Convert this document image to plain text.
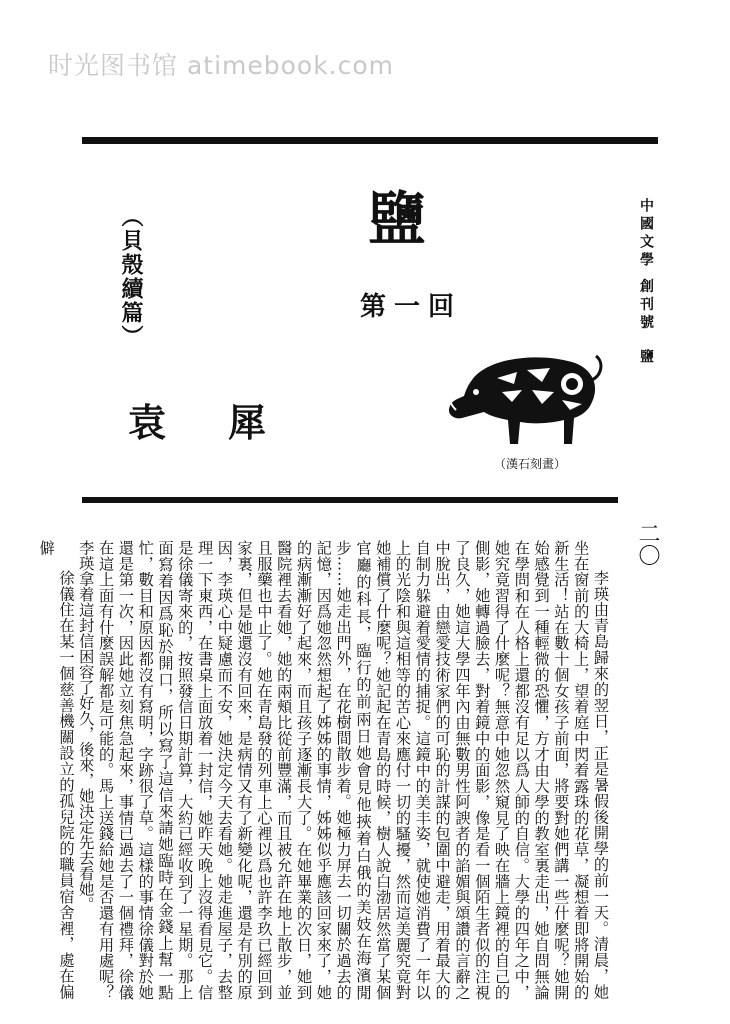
时光图书馆 atimebook.com
（貝殼續篇）	鹽
第一回
袁犀
中國文學 創刊號鹽
二〇
（漢石刻畫）

李瑛由青島歸來的翌日，正是暑假後開學的前一天。清晨，她坐在窗前的大椅上，望着庭中閃着露珠的花草，凝想着即將開始的新生活！站在數十個女孩子前面，將要對她們講一些什麼呢？她開始感覺到一種輕微的恐懼，方才由大學的教室裏走出，她自問無論在學問和在人格上還都沒有足以爲人師的自信。大學的四年之中，她究竟習得了什麼呢？無意中她忽然窺見了映在牆上鏡裡的自己的側影，她轉過臉去，對着鏡中的面影，像是看一個陌生者似的注視了良久，她這大學四年內由無數男性阿諛者的諂媚與頌讚的言辭之中脫出，由戀愛技術家們的可恥的計謀的包圍中避走，用着最大的自制力躲避着愛情的捕捉。這鏡中的美丰姿，就使她消費了一年以上的光陰和與這相等的苦心來應付一切的騷擾，然而這美麗究竟對她補償了什麼呢？她記起在青島的時候，樹人說白渤居然當了某個官廳的科長，臨行的前兩日她會見他挾着白俄的美妓在海濱閒步……她走出門外，在花樹間散步着。她極力屏去一切關於過去的記憶，因爲她忽然想起了姊姊的事情，姊姊似乎應該回家來了，她的病漸漸好了起來，而且孩子逐漸長大了。在她畢業的次日，她到醫院裡去看她，她的兩頰比從前豐滿，而且被允許在地上散步，並且服藥也中止了。她在青島發的列車上心裡以爲也許李玖已經回到家裏，但是她還沒有回來，是病情又有了新變化呢，還是有別的原因，李瑛心中疑慮而不安，她決定今天去看她。她走進屋子，去整理一下東西，在書桌上面放着一封信，她昨天晚上沒得看見它。信是徐儀寄來的，按照發信日期計算，大約已經收到了一星期。那上面寫着因爲恥於開口，所以寫了這信來請她臨時在金錢上幫一點忙，數目和原因都沒有寫明，字跡很了草。這樣的事情徐儀對於她還是第一次，因此她立刻焦急起來，事情已過去了一個禮拜，徐儀在這上面有什麼誤解都是可能的。馬上送錢給她是否還有用處呢？李瑛拿着這封信困容了好久，後來，她決定先去看她。

徐儀住在某一個慈善機關設立的孤兒院的職員宿舍裡，處在偏僻
